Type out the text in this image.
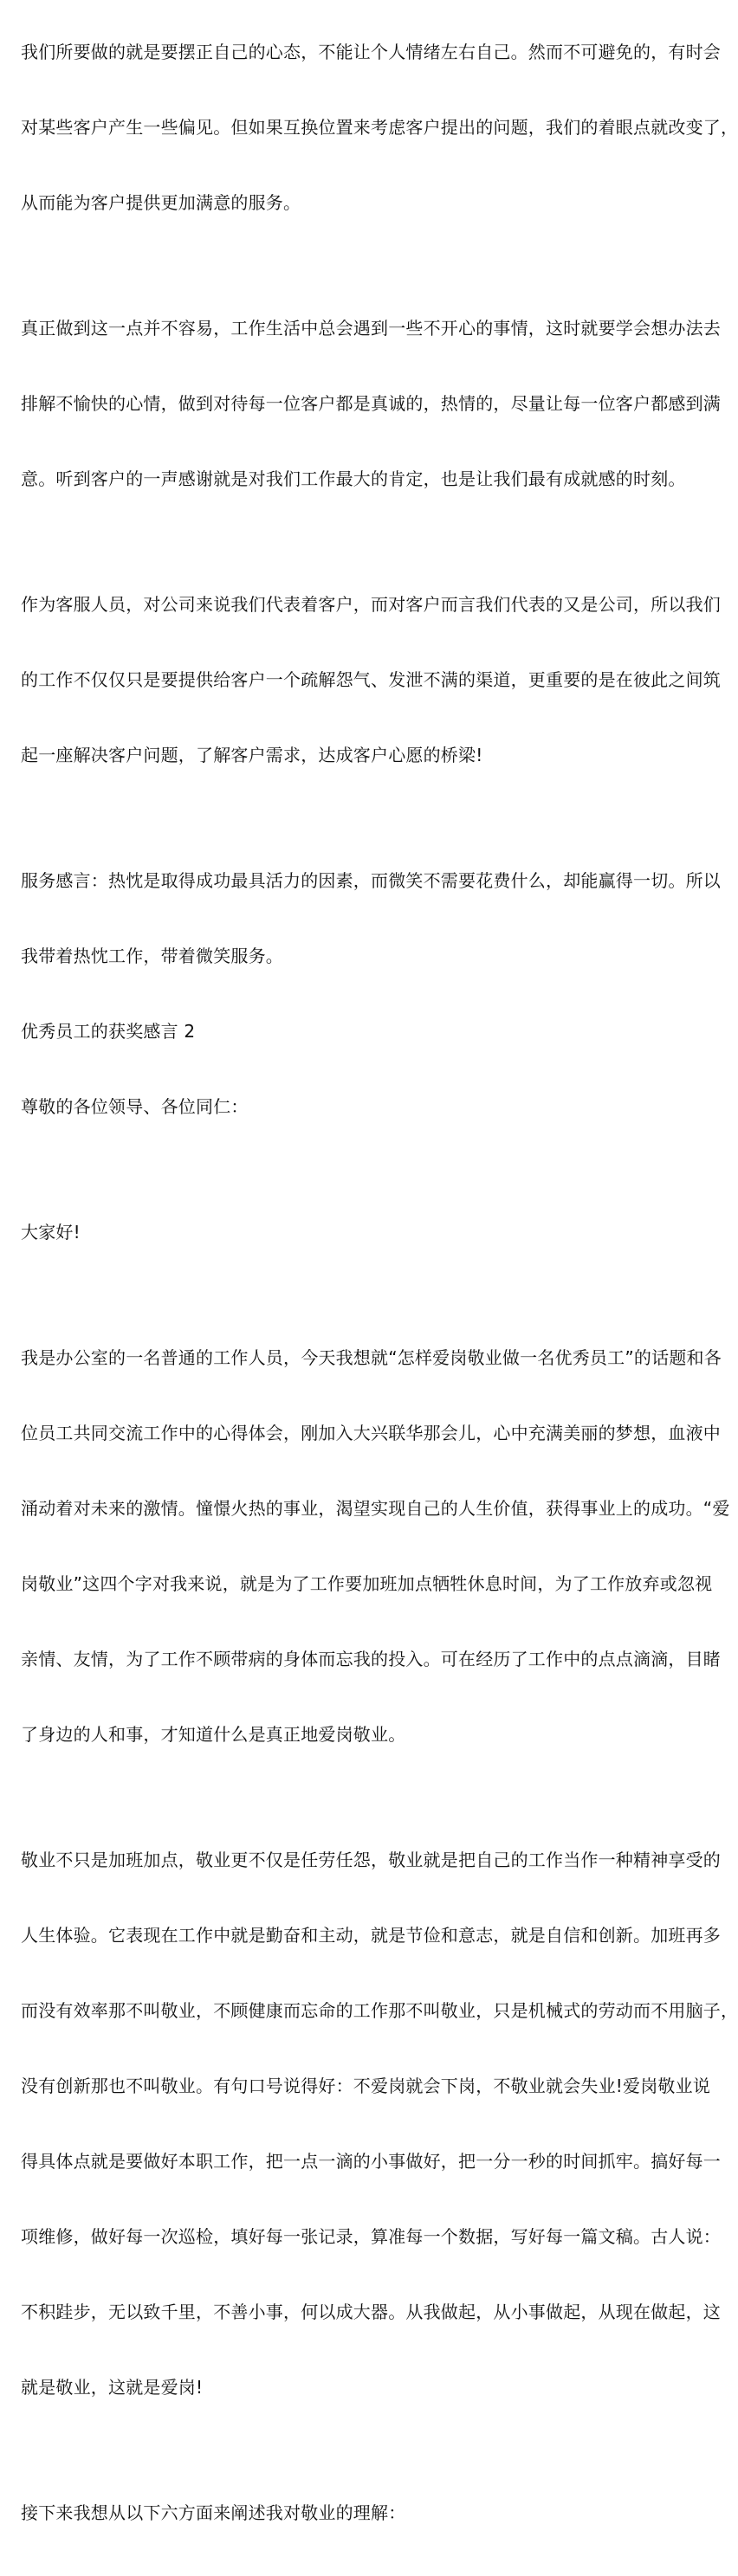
我们所要做的就是要摆正自己的心态，不能让个人情绪左右自己。然而不可避免的，有时会

对某些客户产生一些偏见。但如果互换位置来考虑客户提出的问题，我们的着眼点就改变了，

从而能为客户提供更加满意的服务。

真正做到这一点并不容易，工作生活中总会遇到一些不开心的事情，这时就要学会想办法去

排解不愉快的心情，做到对待每一位客户都是真诚的，热情的，尽量让每一位客户都感到满

意。听到客户的一声感谢就是对我们工作最大的肯定，也是让我们最有成就感的时刻。

作为客服人员，对公司来说我们代表着客户，而对客户而言我们代表的又是公司，所以我们

的工作不仅仅只是要提供给客户一个疏解怨气、发泄不满的渠道，更重要的是在彼此之间筑

起一座解决客户问题，了解客户需求，达成客户心愿的桥梁!

服务感言：热忱是取得成功最具活力的因素，而微笑不需要花费什么，却能赢得一切。所以

我带着热忱工作，带着微笑服务。

优秀员工的获奖感言 2

尊敬的各位领导、各位同仁：

大家好!

我是办公室的一名普通的工作人员，今天我想就“怎样爱岗敬业做一名优秀员工”的话题和各

位员工共同交流工作中的心得体会，刚加入大兴联华那会儿，心中充满美丽的梦想，血液中

涌动着对未来的激情。憧憬火热的事业，渴望实现自己的人生价值，获得事业上的成功。“爱

岗敬业”这四个字对我来说，就是为了工作要加班加点牺牲休息时间，为了工作放弃或忽视

亲情、友情，为了工作不顾带病的身体而忘我的投入。可在经历了工作中的点点滴滴，目睹

了身边的人和事，才知道什么是真正地爱岗敬业。

敬业不只是加班加点，敬业更不仅是任劳任怨，敬业就是把自己的工作当作一种精神享受的

人生体验。它表现在工作中就是勤奋和主动，就是节俭和意志，就是自信和创新。加班再多

而没有效率那不叫敬业，不顾健康而忘命的工作那不叫敬业，只是机械式的劳动而不用脑子，

没有创新那也不叫敬业。有句口号说得好：不爱岗就会下岗，不敬业就会失业!爱岗敬业说

得具体点就是要做好本职工作，把一点一滴的小事做好，把一分一秒的时间抓牢。搞好每一

项维修，做好每一次巡检，填好每一张记录，算准每一个数据，写好每一篇文稿。古人说：

不积跬步，无以致千里，不善小事，何以成大器。从我做起，从小事做起，从现在做起，这

就是敬业，这就是爱岗!

接下来我想从以下六方面来阐述我对敬业的理解：
